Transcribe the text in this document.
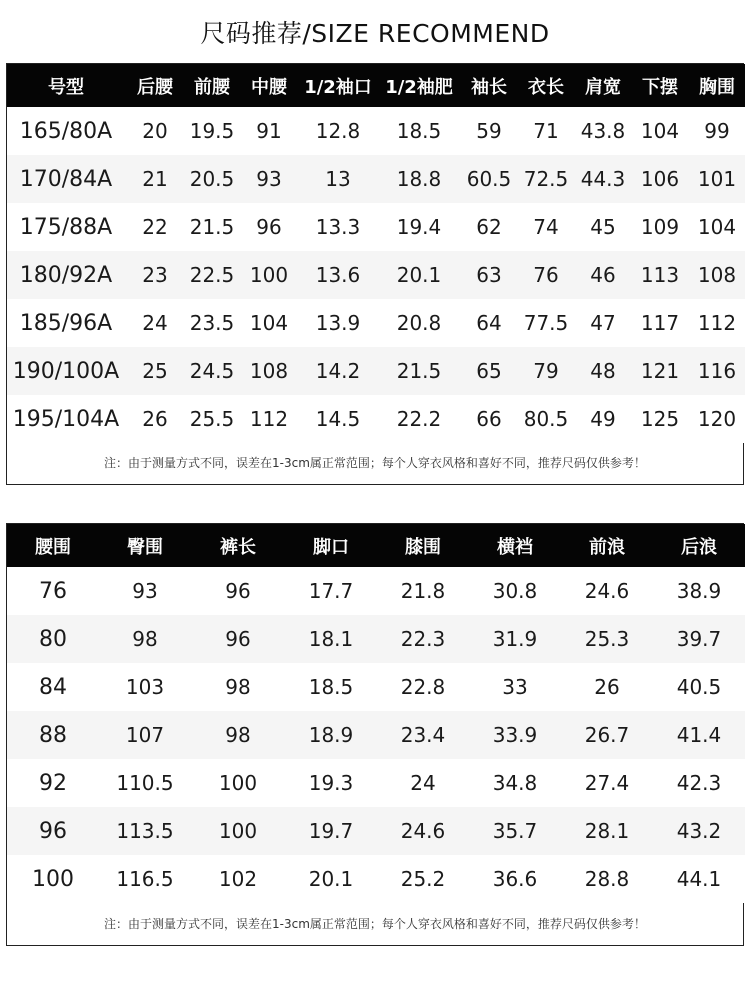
尺码推荐/SIZE RECOMMEND
号型	后腰	前腰	中腰	1/2袖口	1/2袖肥	袖长	衣长	肩宽	下摆	胸围
165/80A	20	19.5	91	12.8	18.5	59	71	43.8	104	99
170/84A	21	20.5	93	13	18.8	60.5	72.5	44.3	106	101
175/88A	22	21.5	96	13.3	19.4	62	74	45	109	104
180/92A	23	22.5	100	13.6	20.1	63	76	46	113	108
185/96A	24	23.5	104	13.9	20.8	64	77.5	47	117	112
190/100A	25	24.5	108	14.2	21.5	65	79	48	121	116
195/104A	26	25.5	112	14.5	22.2	66	80.5	49	125	120
注：由于测量方式不同，误差在1-3cm属正常范围；每个人穿衣风格和喜好不同，推荐尺码仅供参考！
腰围	臀围	裤长	脚口	膝围	横裆	前浪	后浪
76	93	96	17.7	21.8	30.8	24.6	38.9
80	98	96	18.1	22.3	31.9	25.3	39.7
84	103	98	18.5	22.8	33	26	40.5
88	107	98	18.9	23.4	33.9	26.7	41.4
92	110.5	100	19.3	24	34.8	27.4	42.3
96	113.5	100	19.7	24.6	35.7	28.1	43.2
100	116.5	102	20.1	25.2	36.6	28.8	44.1
注：由于测量方式不同，误差在1-3cm属正常范围；每个人穿衣风格和喜好不同，推荐尺码仅供参考！
